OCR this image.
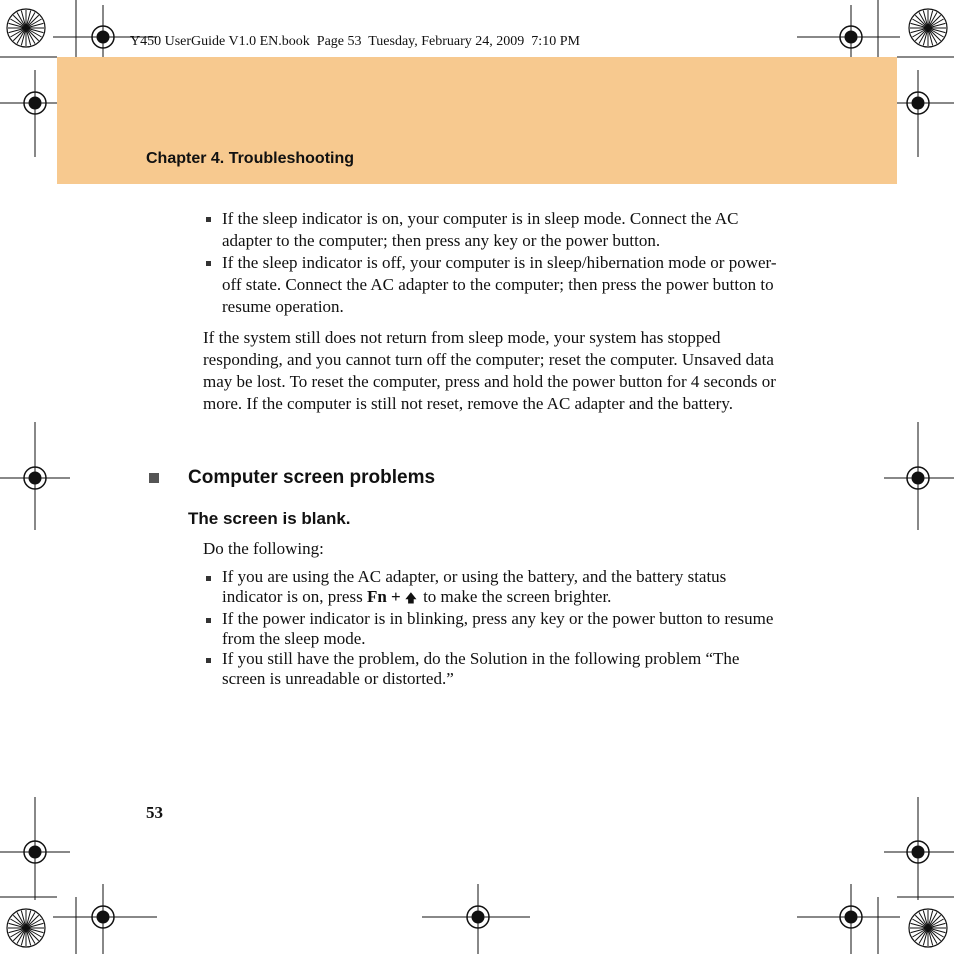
Y450 UserGuide V1.0 EN.book  Page 53  Tuesday, February 24, 2009  7:10 PM
Chapter 4. Troubleshooting
If the sleep indicator is on, your computer is in sleep mode. Connect the AC adapter to the computer; then press any key or the power button.
If the sleep indicator is off, your computer is in sleep/hibernation mode or power-off state. Connect the AC adapter to the computer; then press the power button to resume operation.
If the system still does not return from sleep mode, your system has stopped responding, and you cannot turn off the computer; reset the computer. Unsaved data may be lost. To reset the computer, press and hold the power button for 4 seconds or more. If the computer is still not reset, remove the AC adapter and the battery.
Computer screen problems
The screen is blank.
Do the following:
If you are using the AC adapter, or using the battery, and the battery status indicator is on, press Fn + 🡅 to make the screen brighter.
If the power indicator is in blinking, press any key or the power button to resume from the sleep mode.
If you still have the problem, do the Solution in the following problem “The screen is unreadable or distorted.”
53
